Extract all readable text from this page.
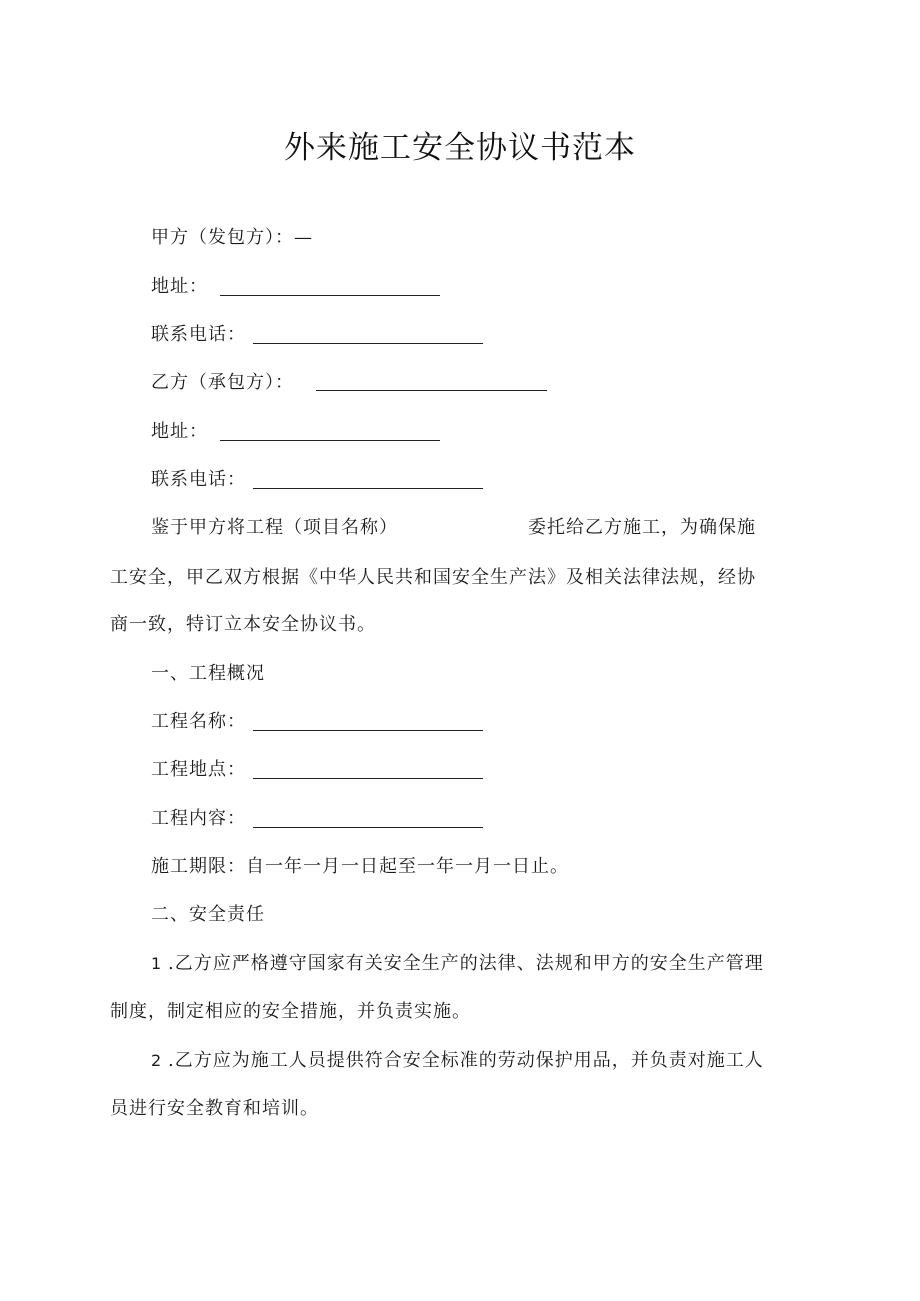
外来施工安全协议书范本
甲方（发包方）：—
地址：
联系电话：
乙方（承包方）：
地址：
联系电话：
鉴于甲方将工程（项目名称）	委托给乙方施工，为确保施
工安全，甲乙双方根据《中华人民共和国安全生产法》及相关法律法规，经协
商一致，特订立本安全协议书。
一、工程概况
工程名称：
工程地点：
工程内容：
施工期限：自一年一月一日起至一年一月一日止。
二、安全责任
1 .乙方应严格遵守国家有关安全生产的法律、法规和甲方的安全生产管理
制度，制定相应的安全措施，并负责实施。
2 .乙方应为施工人员提供符合安全标准的劳动保护用品，并负责对施工人
员进行安全教育和培训。
